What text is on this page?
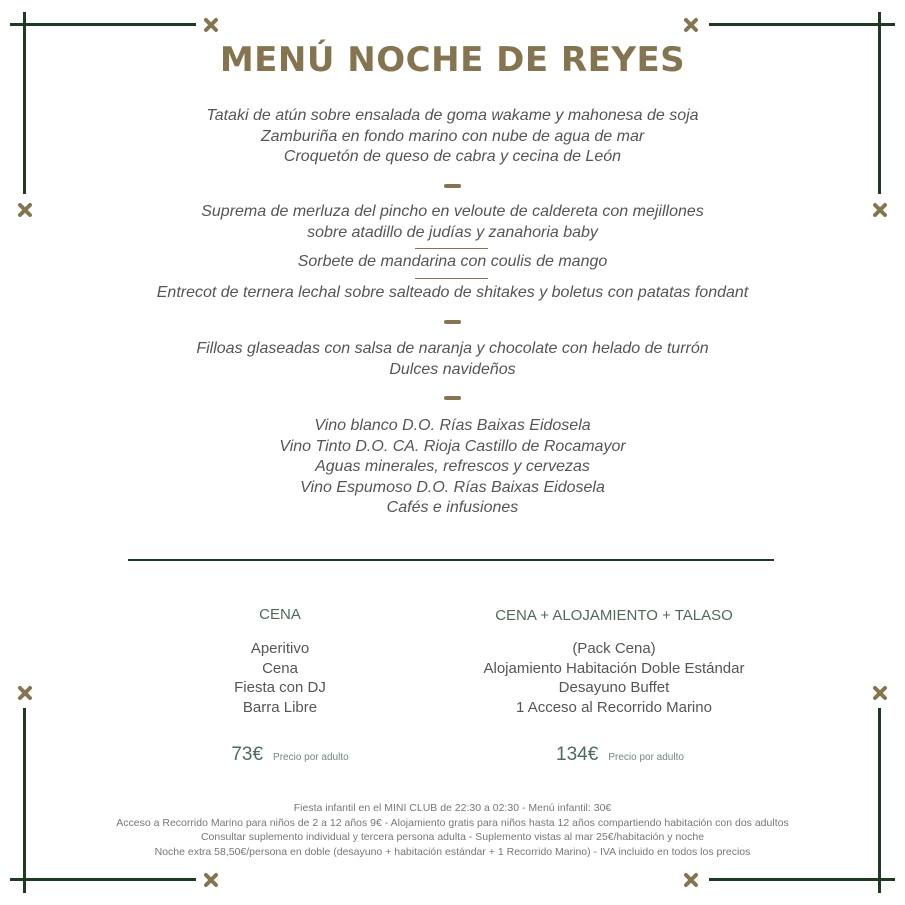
MENÚ NOCHE DE REYES
Tataki de atún sobre ensalada de goma wakame y mahonesa de soja
Zamburiña en fondo marino con nube de agua de mar
Croquetón de queso de cabra y cecina de León
Suprema de merluza del pincho en veloute de caldereta con mejillones
sobre atadillo de judías y zanahoria baby
Sorbete de mandarina con coulis de mango
Entrecot de ternera lechal sobre salteado de shitakes y boletus con patatas fondant
Filloas glaseadas con salsa de naranja y chocolate con helado de turrón
Dulces navideños
Vino blanco D.O. Rías Baixas Eidosela
Vino Tinto D.O. CA. Rioja Castillo de Rocamayor
Aguas minerales, refrescos y cervezas
Vino Espumoso D.O. Rías Baixas Eidosela
Cafés e infusiones
CENA
Aperitivo
Cena
Fiesta con DJ
Barra Libre
73€ Precio por adulto
CENA + ALOJAMIENTO + TALASO
(Pack Cena)
Alojamiento Habitación Doble Estándar
Desayuno Buffet
1 Acceso al Recorrido Marino
134€ Precio por adulto
Fiesta infantil en el MINI CLUB de 22:30 a 02:30 - Menú infantil: 30€
Acceso a Recorrido Marino para niños de 2 a 12 años 9€ - Alojamiento gratis para niños hasta 12 años compartiendo habitación con dos adultos
Consultar suplemento individual y tercera persona adulta - Suplemento vistas al mar 25€/habitación y noche
Noche extra 58,50€/persona en doble (desayuno + habitación estándar + 1 Recorrido Marino) - IVA incluido en todos los precios
